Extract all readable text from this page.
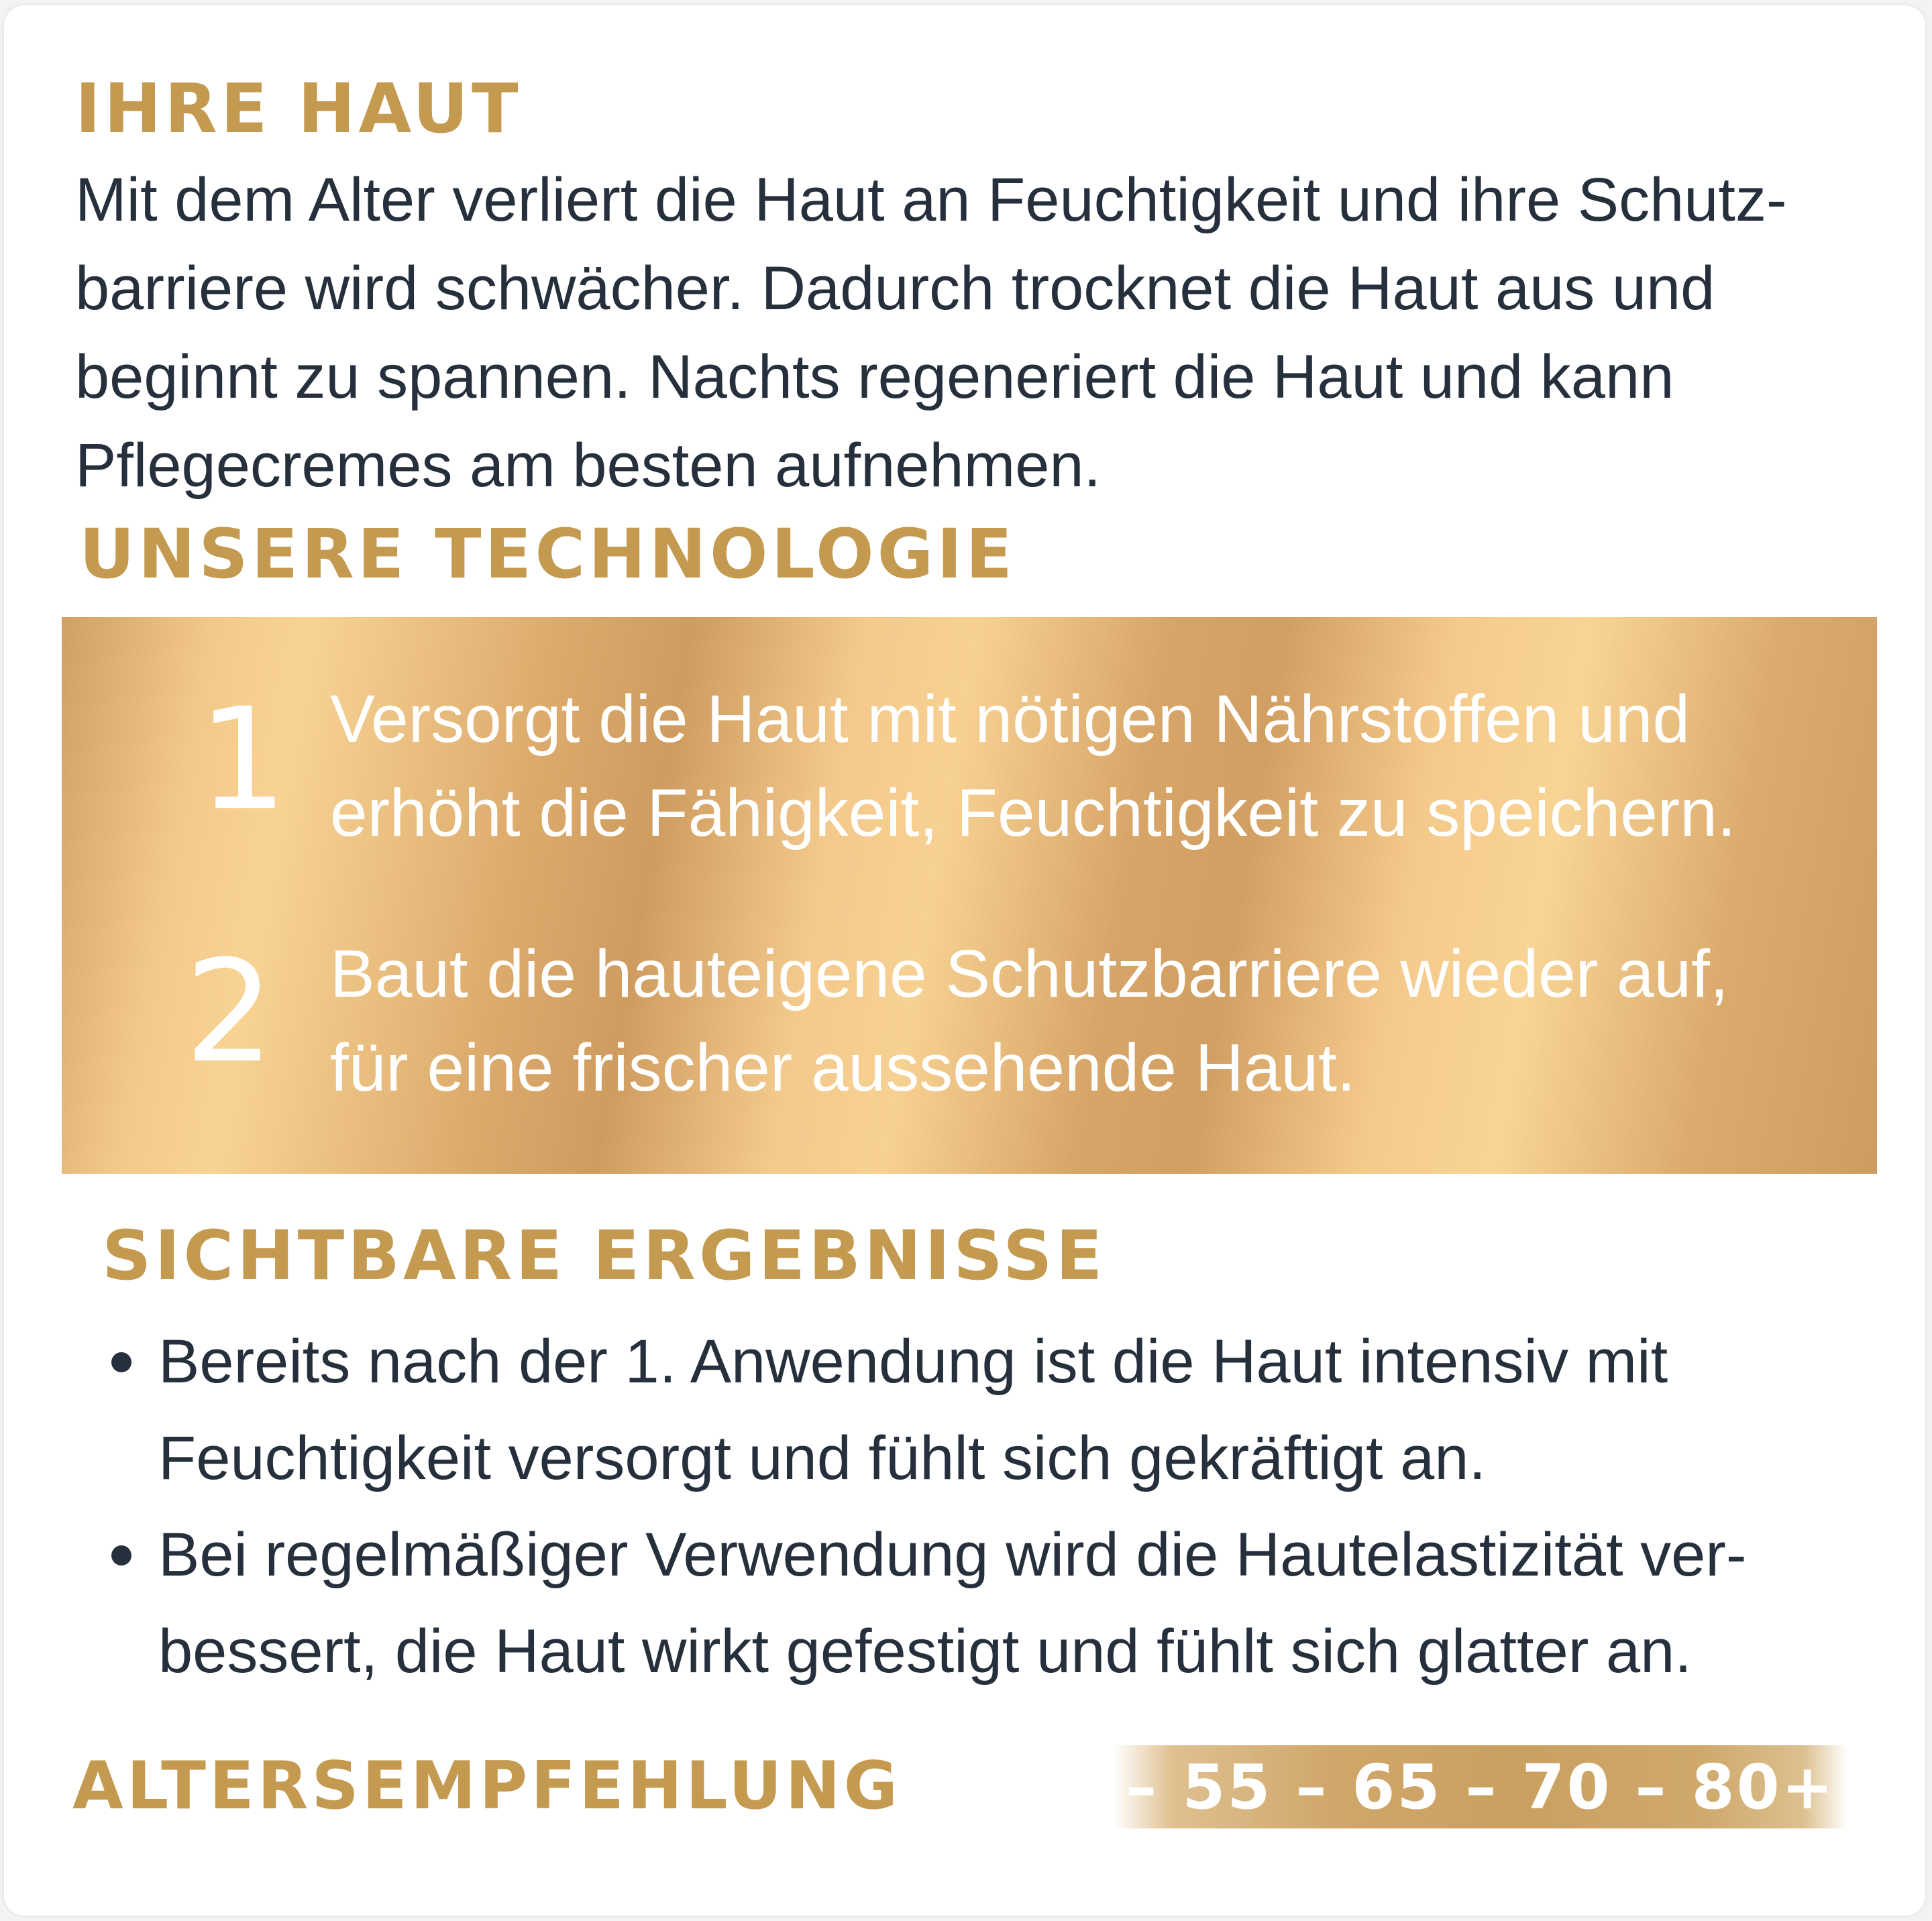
IHRE HAUT
Mit dem Alter verliert die Haut an Feuchtigkeit und ihre Schutz-
barriere wird schwächer. Dadurch trocknet die Haut aus und
beginnt zu spannen. Nachts regeneriert die Haut und kann
Pflegecremes am besten aufnehmen.
UNSERE TECHNOLOGIE
1 Versorgt die Haut mit nötigen Nährstoffen und
erhöht die Fähigkeit, Feuchtigkeit zu speichern.
2 Baut die hauteigene Schutzbarriere wieder auf,
für eine frischer aussehende Haut.
SICHTBARE ERGEBNISSE
Bereits nach der 1. Anwendung ist die Haut intensiv mit
Feuchtigkeit versorgt und fühlt sich gekräftigt an.
Bei regelmäßiger Verwendung wird die Hautelastizität ver-
bessert, die Haut wirkt gefestigt und fühlt sich glatter an.
ALTERSEMPFEHLUNG	– 55 – 65 – 70 – 80+
